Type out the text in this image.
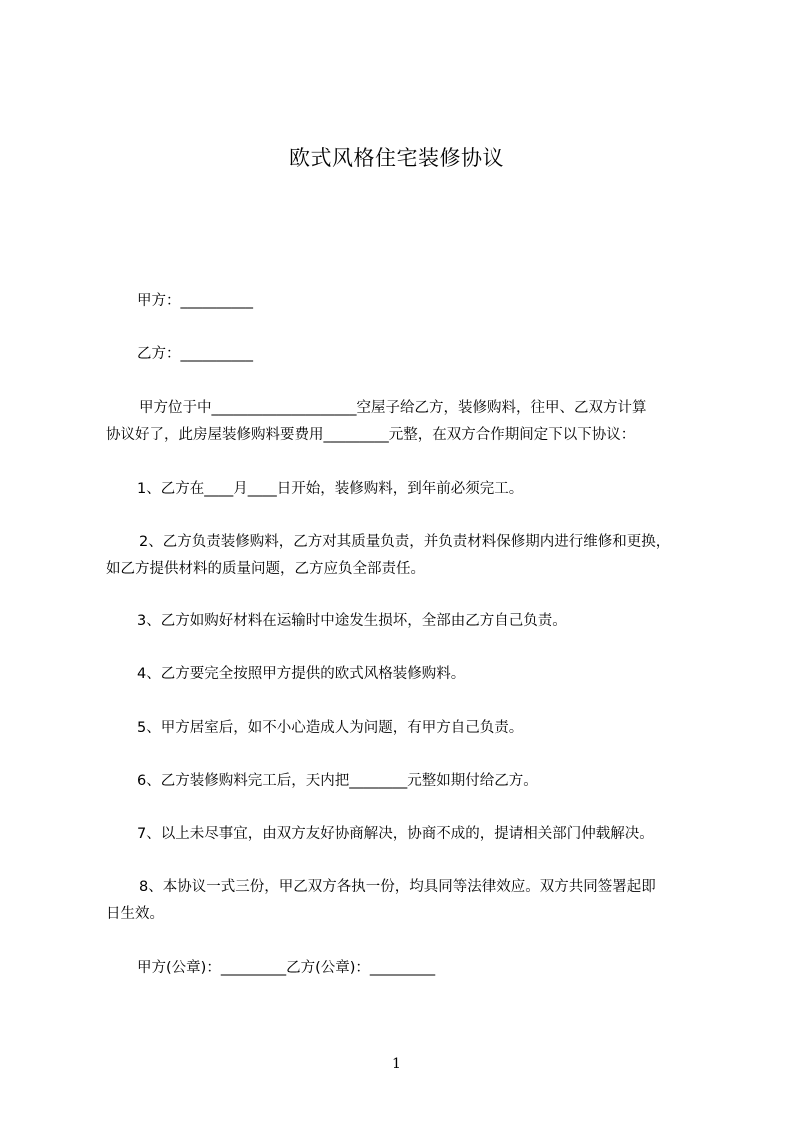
欧式风格住宅装修协议
甲方：__________
乙方：__________
甲方位于中____________________空屋子给乙方，装修购料，往甲、乙双方计算
协议好了，此房屋装修购料要费用_________元整，在双方合作期间定下以下协议：
1、乙方在____月____日开始，装修购料，到年前必须完工。
2、乙方负责装修购料，乙方对其质量负责，并负责材料保修期内进行维修和更换，
如乙方提供材料的质量问题，乙方应负全部责任。
3、乙方如购好材料在运输时中途发生损坏，全部由乙方自己负责。
4、乙方要完全按照甲方提供的欧式风格装修购料。
5、甲方居室后，如不小心造成人为问题，有甲方自己负责。
6、乙方装修购料完工后，天内把________元整如期付给乙方。
7、以上未尽事宜，由双方友好协商解决，协商不成的，提请相关部门仲载解决。
8、本协议一式三份，甲乙双方各执一份，均具同等法律效应。双方共同签署起即
日生效。
甲方(公章)：_________乙方(公章)：_________
1
